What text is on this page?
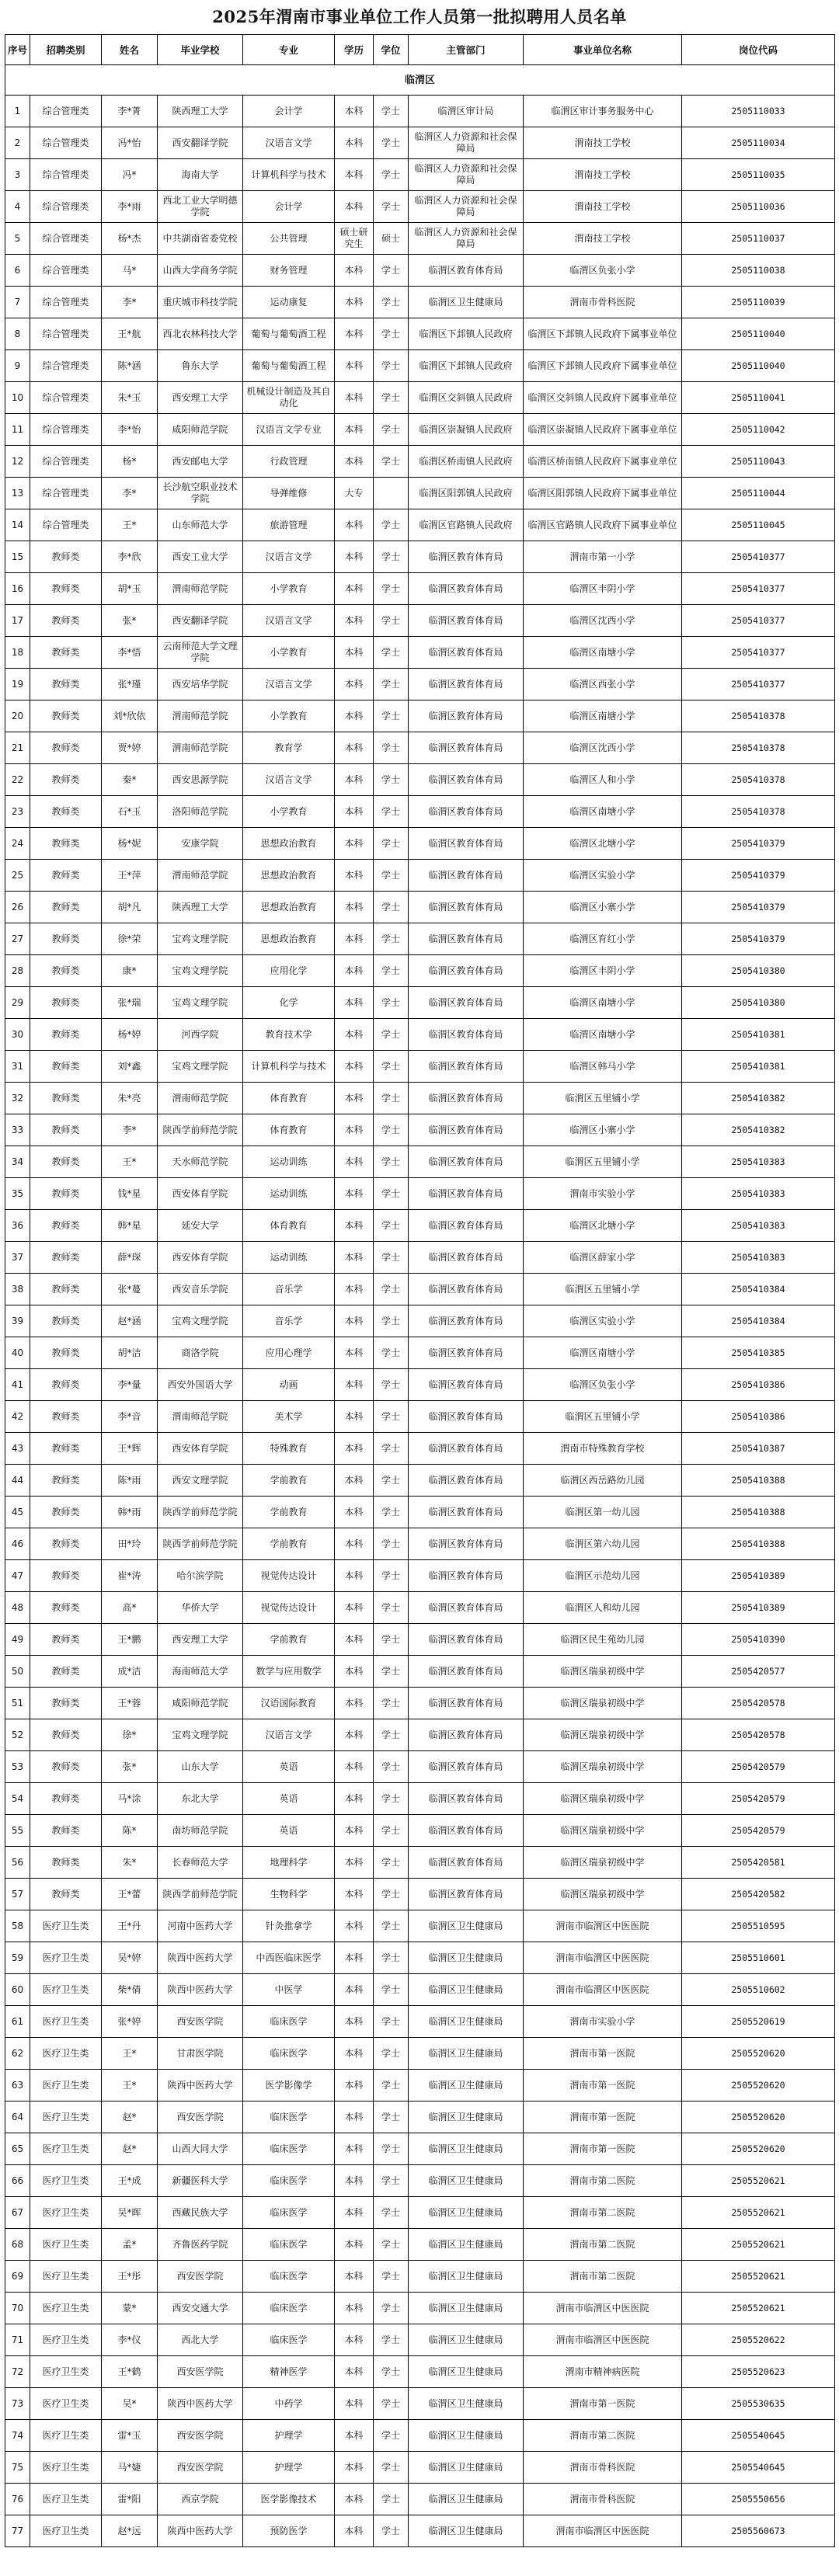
2025年渭南市事业单位工作人员第一批拟聘用人员名单
序号	招聘类别	姓名	毕业学校	专业	学历	学位	主管部门	事业单位名称	岗位代码
临渭区									
1	综合管理类	李*菁	陕西理工大学	会计学	本科	学士	临渭区审计局	临渭区审计事务服务中心	2505110033
2	综合管理类	冯*怡	西安翻译学院	汉语言文学	本科	学士	临渭区人力资源和社会保障局	渭南技工学校	2505110034
3	综合管理类	冯*	海南大学	计算机科学与技术	本科	学士	临渭区人力资源和社会保障局	渭南技工学校	2505110035
4	综合管理类	李*雨	西北工业大学明德学院	会计学	本科	学士	临渭区人力资源和社会保障局	渭南技工学校	2505110036
5	综合管理类	杨*杰	中共湖南省委党校	公共管理	硕士研究生	硕士	临渭区人力资源和社会保障局	渭南技工学校	2505110037
6	综合管理类	马*	山西大学商务学院	财务管理	本科	学士	临渭区教育体育局	临渭区负张小学	2505110038
7	综合管理类	李*	重庆城市科技学院	运动康复	本科	学士	临渭区卫生健康局	渭南市骨科医院	2505110039
8	综合管理类	王*航	西北农林科技大学	葡萄与葡萄酒工程	本科	学士	临渭区下邽镇人民政府	临渭区下邽镇人民政府下属事业单位	2505110040
9	综合管理类	陈*涵	鲁东大学	葡萄与葡萄酒工程	本科	学士	临渭区下邽镇人民政府	临渭区下邽镇人民政府下属事业单位	2505110040
10	综合管理类	朱*玉	西安理工大学	机械设计制造及其自动化	本科	学士	临渭区交斜镇人民政府	临渭区交斜镇人民政府下属事业单位	2505110041
11	综合管理类	李*怡	咸阳师范学院	汉语言文学专业	本科	学士	临渭区崇凝镇人民政府	临渭区崇凝镇人民政府下属事业单位	2505110042
12	综合管理类	杨*	西安邮电大学	行政管理	本科	学士	临渭区桥南镇人民政府	临渭区桥南镇人民政府下属事业单位	2505110043
13	综合管理类	李*	长沙航空职业技术学院	导弹维修	大专		临渭区阳郭镇人民政府	临渭区阳郭镇人民政府下属事业单位	2505110044
14	综合管理类	王*	山东师范大学	旅游管理	本科	学士	临渭区官路镇人民政府	临渭区官路镇人民政府下属事业单位	2505110045
15	教师类	李*欣	西安工业大学	汉语言文学	本科	学士	临渭区教育体育局	渭南市第一小学	2505410377
16	教师类	胡*玉	渭南师范学院	小学教育	本科	学士	临渭区教育体育局	临渭区丰阴小学	2505410377
17	教师类	张*	西安翻译学院	汉语言文学	本科	学士	临渭区教育体育局	临渭区沈西小学	2505410377
18	教师类	李*悟	云南师范大学文理学院	小学教育	本科	学士	临渭区教育体育局	临渭区南塘小学	2505410377
19	教师类	张*瑾	西安培华学院	汉语言文学	本科	学士	临渭区教育体育局	临渭区西张小学	2505410377
20	教师类	刘*欣依	渭南师范学院	小学教育	本科	学士	临渭区教育体育局	临渭区南塘小学	2505410378
21	教师类	贾*婷	渭南师范学院	教育学	本科	学士	临渭区教育体育局	临渭区沈西小学	2505410378
22	教师类	秦*	西安思源学院	汉语言文学	本科	学士	临渭区教育体育局	临渭区人和小学	2505410378
23	教师类	石*玉	洛阳师范学院	小学教育	本科	学士	临渭区教育体育局	临渭区南塘小学	2505410378
24	教师类	杨*妮	安康学院	思想政治教育	本科	学士	临渭区教育体育局	临渭区北塘小学	2505410379
25	教师类	王*萍	渭南师范学院	思想政治教育	本科	学士	临渭区教育体育局	临渭区实验小学	2505410379
26	教师类	胡*凡	陕西理工大学	思想政治教育	本科	学士	临渭区教育体育局	临渭区小寨小学	2505410379
27	教师类	徐*荣	宝鸡文理学院	思想政治教育	本科	学士	临渭区教育体育局	临渭区育红小学	2505410379
28	教师类	康*	宝鸡文理学院	应用化学	本科	学士	临渭区教育体育局	临渭区丰阴小学	2505410380
29	教师类	张*瑞	宝鸡文理学院	化学	本科	学士	临渭区教育体育局	临渭区南塘小学	2505410380
30	教师类	杨*婷	河西学院	教育技术学	本科	学士	临渭区教育体育局	临渭区南塘小学	2505410381
31	教师类	刘*鑫	宝鸡文理学院	计算机科学与技术	本科	学士	临渭区教育体育局	临渭区韩马小学	2505410381
32	教师类	朱*亮	渭南师范学院	体育教育	本科	学士	临渭区教育体育局	临渭区五里铺小学	2505410382
33	教师类	李*	陕西学前师范学院	体育教育	本科	学士	临渭区教育体育局	临渭区小寨小学	2505410382
34	教师类	王*	天水师范学院	运动训练	本科	学士	临渭区教育体育局	临渭区五里铺小学	2505410383
35	教师类	钱*星	西安体育学院	运动训练	本科	学士	临渭区教育体育局	渭南市实验小学	2505410383
36	教师类	韩*星	延安大学	体育教育	本科	学士	临渭区教育体育局	临渭区北塘小学	2505410383
37	教师类	薛*琛	西安体育学院	运动训练	本科	学士	临渭区教育体育局	临渭区薛家小学	2505410383
38	教师类	张*蔓	西安音乐学院	音乐学	本科	学士	临渭区教育体育局	临渭区五里铺小学	2505410384
39	教师类	赵*涵	宝鸡文理学院	音乐学	本科	学士	临渭区教育体育局	临渭区实验小学	2505410384
40	教师类	胡*洁	商洛学院	应用心理学	本科	学士	临渭区教育体育局	临渭区南塘小学	2505410385
41	教师类	李*量	西安外国语大学	动画	本科	学士	临渭区教育体育局	临渭区负张小学	2505410386
42	教师类	李*音	渭南师范学院	美术学	本科	学士	临渭区教育体育局	临渭区五里铺小学	2505410386
43	教师类	王*辉	西安体育学院	特殊教育	本科	学士	临渭区教育体育局	渭南市特殊教育学校	2505410387
44	教师类	陈*雨	西安文理学院	学前教育	本科	学士	临渭区教育体育局	临渭区西岳路幼儿园	2505410388
45	教师类	韩*雨	陕西学前师范学院	学前教育	本科	学士	临渭区教育体育局	临渭区第一幼儿园	2505410388
46	教师类	田*玲	陕西学前师范学院	学前教育	本科	学士	临渭区教育体育局	临渭区第六幼儿园	2505410388
47	教师类	崔*涛	哈尔滨学院	视觉传达设计	本科	学士	临渭区教育体育局	临渭区示范幼儿园	2505410389
48	教师类	高*	华侨大学	视觉传达设计	本科	学士	临渭区教育体育局	临渭区人和幼儿园	2505410389
49	教师类	王*鹏	西安理工大学	学前教育	本科	学士	临渭区教育体育局	临渭区民生苑幼儿园	2505410390
50	教师类	成*洁	海南师范大学	数学与应用数学	本科	学士	临渭区教育体育局	临渭区瑞泉初级中学	2505420577
51	教师类	王*蓉	咸阳师范学院	汉语国际教育	本科	学士	临渭区教育体育局	临渭区瑞泉初级中学	2505420578
52	教师类	徐*	宝鸡文理学院	汉语言文学	本科	学士	临渭区教育体育局	临渭区瑞泉初级中学	2505420578
53	教师类	张*	山东大学	英语	本科	学士	临渭区教育体育局	临渭区瑞泉初级中学	2505420579
54	教师类	马*涂	东北大学	英语	本科	学士	临渭区教育体育局	临渭区瑞泉初级中学	2505420579
55	教师类	陈*	南坊师范学院	英语	本科	学士	临渭区教育体育局	临渭区瑞泉初级中学	2505420579
56	教师类	朱*	长春师范大学	地理科学	本科	学士	临渭区教育体育局	临渭区瑞泉初级中学	2505420581
57	教师类	王*蕾	陕西学前师范学院	生物科学	本科	学士	临渭区教育体育局	临渭区瑞泉初级中学	2505420582
58	医疗卫生类	王*丹	河南中医药大学	针灸推拿学	本科	学士	临渭区卫生健康局	渭南市临渭区中医医院	2505510595
59	医疗卫生类	吴*婷	陕西中医药大学	中西医临床医学	本科	学士	临渭区卫生健康局	渭南市临渭区中医医院	2505510601
60	医疗卫生类	柴*倩	陕西中医药大学	中医学	本科	学士	临渭区卫生健康局	渭南市临渭区中医医院	2505510602
61	医疗卫生类	张*婷	西安医学院	临床医学	本科	学士	临渭区卫生健康局	渭南市实验小学	2505520619
62	医疗卫生类	王*	甘肃医学院	临床医学	本科	学士	临渭区卫生健康局	渭南市第一医院	2505520620
63	医疗卫生类	王*	陕西中医药大学	医学影像学	本科	学士	临渭区卫生健康局	渭南市第一医院	2505520620
64	医疗卫生类	赵*	西安医学院	临床医学	本科	学士	临渭区卫生健康局	渭南市第一医院	2505520620
65	医疗卫生类	赵*	山西大同大学	临床医学	本科	学士	临渭区卫生健康局	渭南市第一医院	2505520620
66	医疗卫生类	王*成	新疆医科大学	临床医学	本科	学士	临渭区卫生健康局	渭南市第二医院	2505520621
67	医疗卫生类	吴*晖	西藏民族大学	临床医学	本科	学士	临渭区卫生健康局	渭南市第二医院	2505520621
68	医疗卫生类	孟*	齐鲁医药学院	临床医学	本科	学士	临渭区卫生健康局	渭南市第二医院	2505520621
69	医疗卫生类	王*彤	西安医学院	临床医学	本科	学士	临渭区卫生健康局	渭南市第二医院	2505520621
70	医疗卫生类	蒙*	西安交通大学	临床医学	本科	学士	临渭区卫生健康局	渭南市临渭区中医医院	2505520621
71	医疗卫生类	李*仪	西北大学	临床医学	本科	学士	临渭区卫生健康局	渭南市临渭区中医医院	2505520622
72	医疗卫生类	王*鹤	西安医学院	精神医学	本科	学士	临渭区卫生健康局	渭南市精神病医院	2505520623
73	医疗卫生类	吴*	陕西中医药大学	中药学	本科	学士	临渭区卫生健康局	渭南市第一医院	2505530635
74	医疗卫生类	雷*玉	西安医学院	护理学	本科	学士	临渭区卫生健康局	渭南市第二医院	2505540645
75	医疗卫生类	马*婕	西安医学院	护理学	本科	学士	临渭区卫生健康局	渭南市骨科医院	2505540645
76	医疗卫生类	雷*阳	西京学院	医学影像技术	本科	学士	临渭区卫生健康局	渭南市骨科医院	2505550656
77	医疗卫生类	赵*远	陕西中医药大学	预防医学	本科	学士	临渭区卫生健康局	渭南市临渭区中医医院	2505560673
